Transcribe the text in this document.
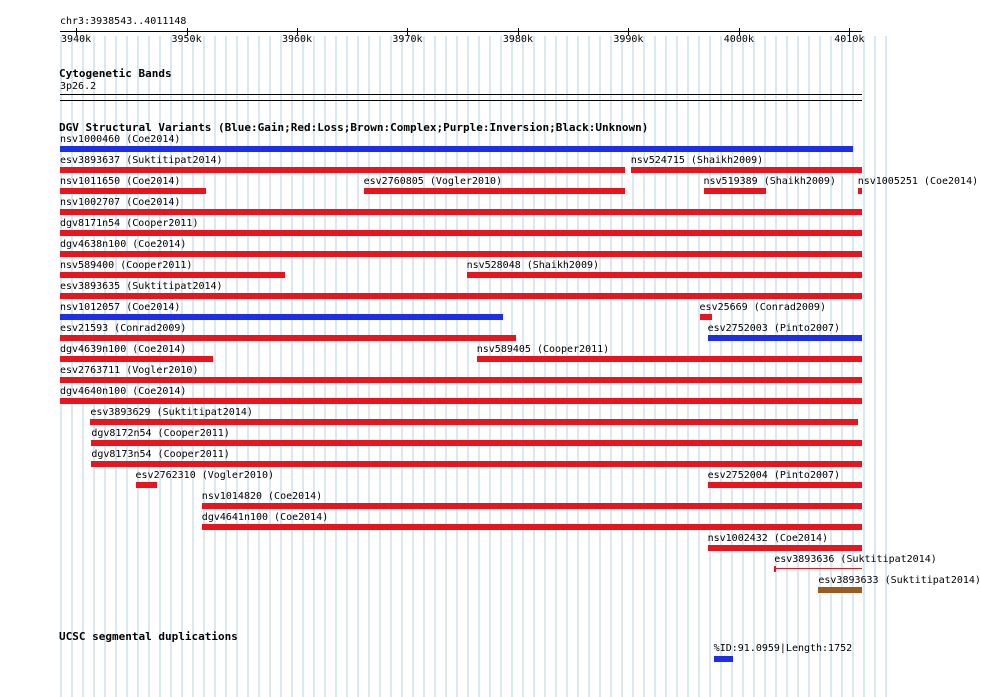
chr3:3938543..4011148
3940k	3950k	3960k	3970k	3980k	3990k	4000k	4010k
Cytogenetic Bands
3p26.2
DGV Structural Variants (Blue:Gain;Red:Loss;Brown:Complex;Purple:Inversion;Black:Unknown)
nsv1000460 (Coe2014)
esv3893637 (Suktitipat2014)	nsv524715 (Shaikh2009)
nsv1011650 (Coe2014)	esv2760805 (Vogler2010)	nsv519389 (Shaikh2009) nsv1005251 (Coe2014)
nsv1002707 (Coe2014)
dgv8171n54 (Cooper2011)
dgv4638n100 (Coe2014)
nsv589400 (Cooper2011)	nsv528048 (Shaikh2009)
esv3893635 (Suktitipat2014)
nsv1012057 (Coe2014)	esv25669 (Conrad2009)
esv21593 (Conrad2009)	esv2752003 (Pinto2007)
dgv4639n100 (Coe2014)	nsv589405 (Cooper2011)
esv2763711 (Vogler2010)
dgv4640n100 (Coe2014)
esv3893629 (Suktitipat2014)
dgv8172n54 (Cooper2011)
dgv8173n54 (Cooper2011)
esv2762310 (Vogler2010)	esv2752004 (Pinto2007)
nsv1014820 (Coe2014)
dgv4641n100 (Coe2014)
nsv1002432 (Coe2014)
esv3893636 (Suktitipat2014)
esv3893633 (Suktitipat2014)
UCSC segmental duplications
%ID:91.0959|Length:1752
